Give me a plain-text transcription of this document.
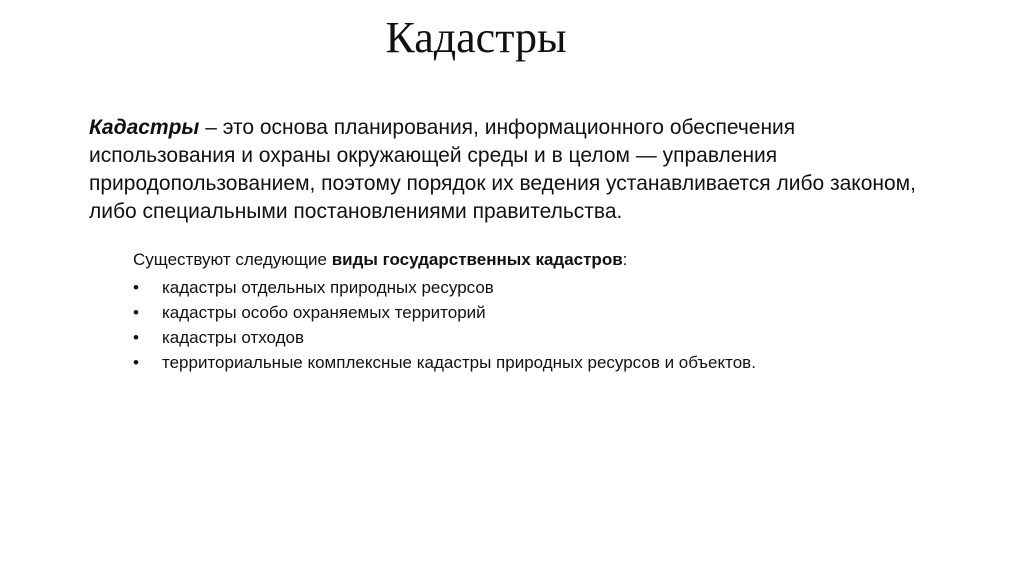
Кадастры
Кадастры – это основа планирования, информационного обеспечения использования и охраны окружающей среды и в целом — управления природопользованием, поэтому порядок их ведения устанавливается либо законом, либо специальными постановлениями правительства.
Существуют следующие виды государственных кадастров:
• кадастры отдельных природных ресурсов
• кадастры особо охраняемых территорий
• кадастры отходов
• территориальные комплексные кадастры природных ресурсов и объектов.
